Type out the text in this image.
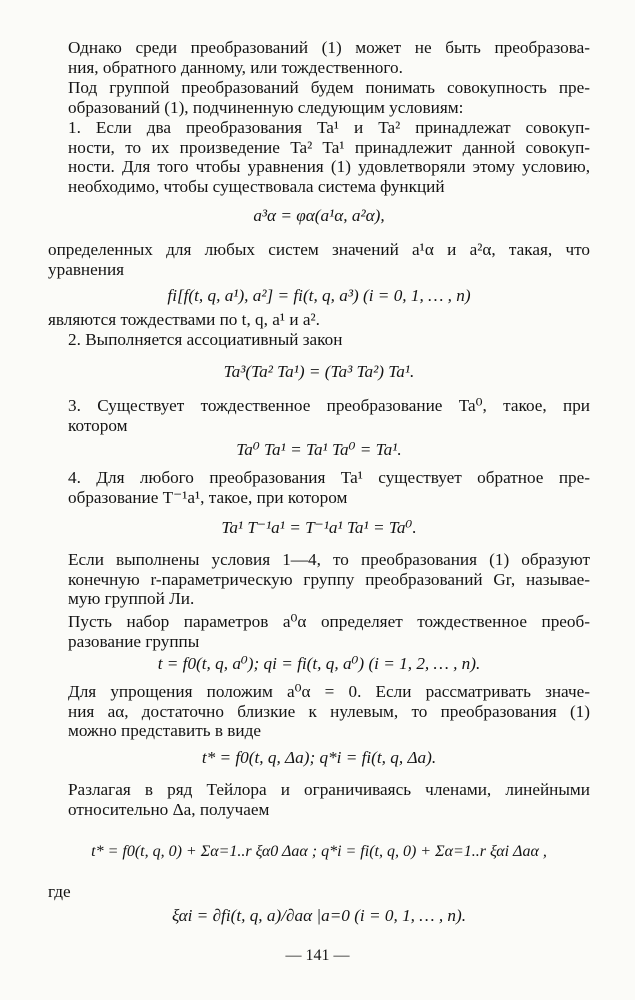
Однако среди преобразований (1) может не быть преобразова-
ния, обратного данному, или тождественного.
Под группой преобразований будем понимать совокупность пре-
образований (1), подчиненную следующим условиям:
1. Если два преобразования Ta¹ и Ta² принадлежат совокуп-
ности, то их произведение Ta² Ta¹ принадлежит данной совокуп-
ности. Для того чтобы уравнения (1) удовлетворяли этому условию,
необходимо, чтобы существовала система функций
a³α = φα(a¹α, a²α),
определенных для любых систем значений a¹α и a²α, такая, что
уравнения
fi[f(t, q, a¹), a²] = fi(t, q, a³) (i = 0, 1, … , n)
являются тождествами по t, q, a¹ и a².
2. Выполняется ассоциативный закон
Ta³(Ta² Ta¹) = (Ta³ Ta²) Ta¹.
3. Существует тождественное преобразование Ta⁰, такое, при
котором
Ta⁰ Ta¹ = Ta¹ Ta⁰ = Ta¹.
4. Для любого преобразования Ta¹ существует обратное пре-
образование T⁻¹a¹, такое, при котором
Ta¹ T⁻¹a¹ = T⁻¹a¹ Ta¹ = Ta⁰.
Если выполнены условия 1—4, то преобразования (1) образуют
конечную r-параметрическую группу преобразований Gr, называе-
мую группой Ли.
Пусть набор параметров a⁰α определяет тождественное преоб-
разование группы
t = f0(t, q, a⁰); qi = fi(t, q, a⁰) (i = 1, 2, … , n).
Для упрощения положим a⁰α = 0. Если рассматривать значе-
ния aα, достаточно близкие к нулевым, то преобразования (1)
можно представить в виде
t* = f0(t, q, Δa); q*i = fi(t, q, Δa).
Разлагая в ряд Тейлора и ограничиваясь членами, линейными
относительно Δa, получаем
t* = f0(t, q, 0) + Σα=1..r ξα0 Δaα ; q*i = fi(t, q, 0) + Σα=1..r ξαi Δaα ,
где
ξαi = ∂fi(t, q, a)/∂aα |a=0 (i = 0, 1, … , n).
— 141 —
